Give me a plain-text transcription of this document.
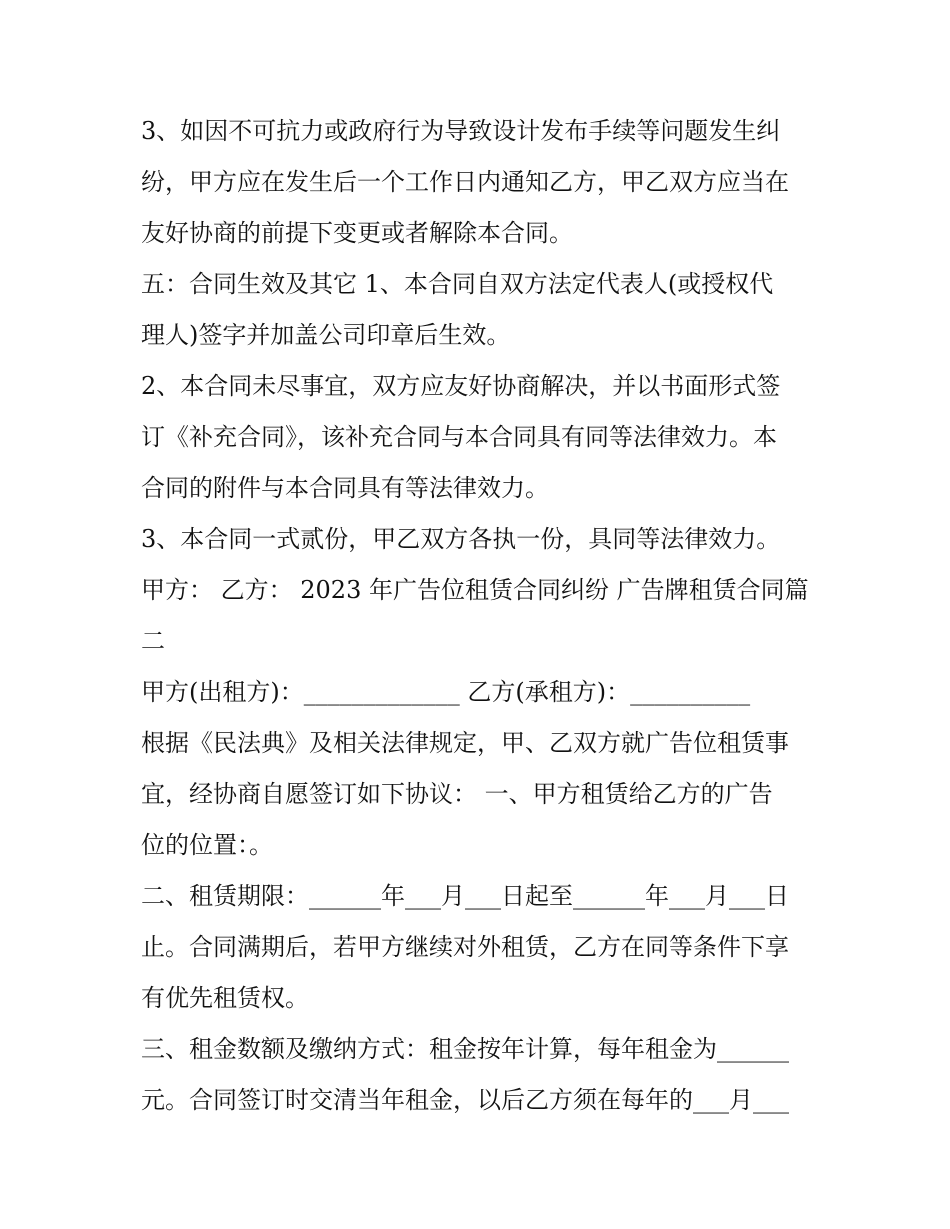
3、如因不可抗力或政府行为导致设计发布手续等问题发生纠
纷，甲方应在发生后一个工作日内通知乙方，甲乙双方应当在
友好协商的前提下变更或者解除本合同。
五：合同生效及其它 1、本合同自双方法定代表人(或授权代
理人)签字并加盖公司印章后生效。
2、本合同未尽事宜，双方应友好协商解决，并以书面形式签
订《补充合同》，该补充合同与本合同具有同等法律效力。本
合同的附件与本合同具有等法律效力。
3、本合同一式贰份，甲乙双方各执一份，具同等法律效力。
甲方： 乙方： 2023 年广告位租赁合同纠纷 广告牌租赁合同篇
二
甲方(出租方)：_____________ 乙方(承租方)：__________
根据《民法典》及相关法律规定，甲、乙双方就广告位租赁事
宜，经协商自愿签订如下协议： 一、甲方租赁给乙方的广告
位的位置：。
二、租赁期限：______年___月___日起至______年___月___日
止。合同满期后，若甲方继续对外租赁，乙方在同等条件下享
有优先租赁权。
三、租金数额及缴纳方式：租金按年计算，每年租金为______
元。合同签订时交清当年租金，以后乙方须在每年的___月___
